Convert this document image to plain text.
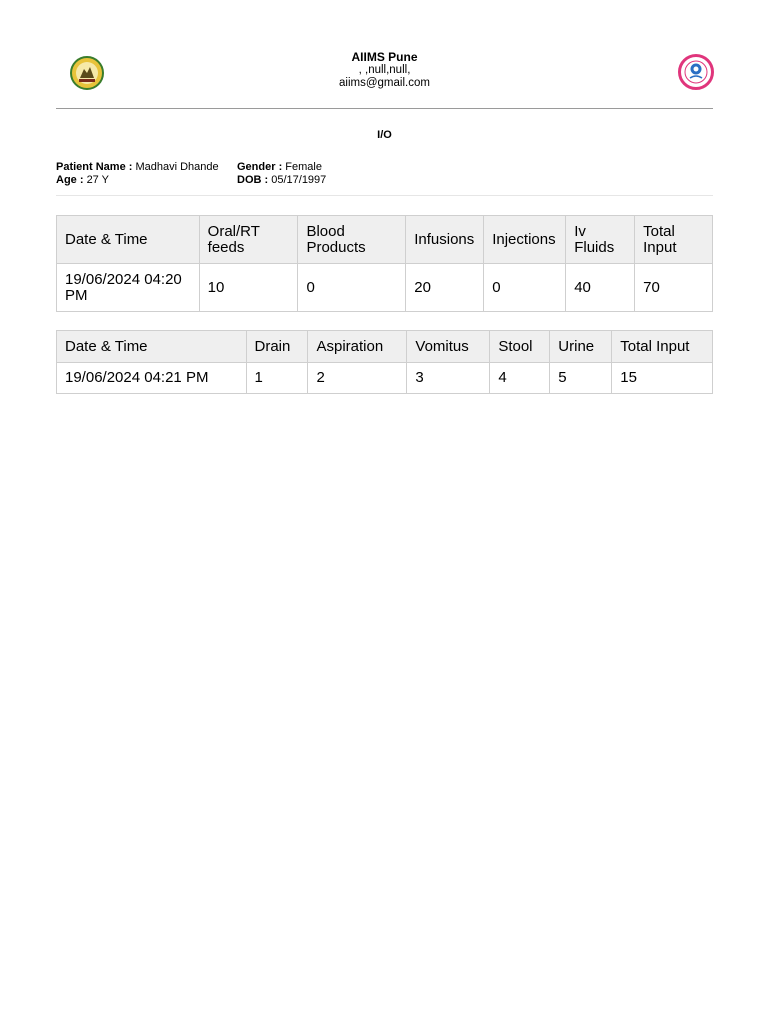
AIIMS Pune
, ,null,null,
aiims@gmail.com
I/O
Patient Name : Madhavi Dhande
Age : 27 Y
Gender : Female
DOB : 05/17/1997
Date & Time	Oral/RT feeds	Blood Products	Infusions	Injections	Iv Fluids	Total Input
19/06/2024 04:20 PM	10	0	20	0	40	70
Date & Time	Drain	Aspiration	Vomitus	Stool	Urine	Total Input
19/06/2024 04:21 PM	1	2	3	4	5	15
